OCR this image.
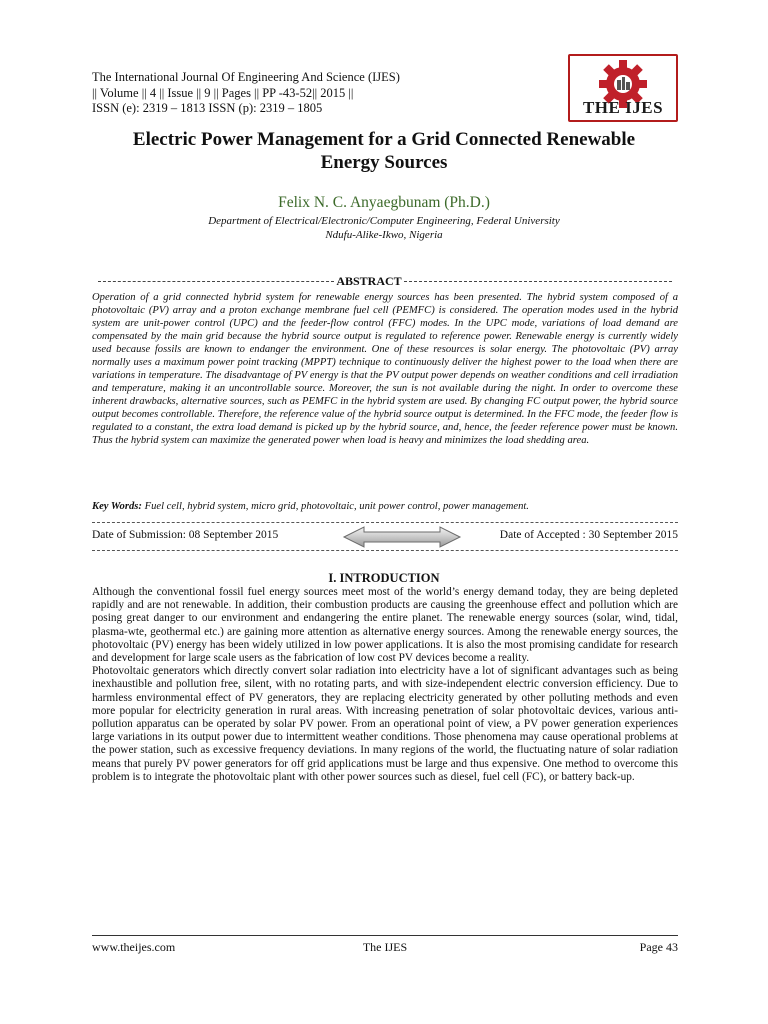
The International Journal Of Engineering And Science (IJES)
|| Volume || 4 || Issue || 9 || Pages || PP -43-52|| 2015 ||
ISSN (e): 2319 – 1813 ISSN (p): 2319 – 1805	THE IJES
Electric Power Management for a Grid Connected Renewable
Energy Sources
Felix N. C. Anyaegbunam (Ph.D.)
Department of Electrical/Electronic/Computer Engineering, Federal University
Ndufu-Alike-Ikwo, Nigeria
ABSTRACT
Operation of a grid connected hybrid system for renewable energy sources has been presented. The hybrid system composed of a photovoltaic (PV) array and a proton exchange membrane fuel cell (PEMFC) is considered. The operation modes used in the hybrid system are unit-power control (UPC) and the feeder-flow control (FFC) modes. In the UPC mode, variations of load demand are compensated by the main grid because the hybrid source output is regulated to reference power. Renewable energy is currently widely used because fossils are known to endanger the environment. One of these resources is solar energy. The photovoltaic (PV) array normally uses a maximum power point tracking (MPPT) technique to continuously deliver the highest power to the load when there are variations in temperature. The disadvantage of PV energy is that the PV output power depends on weather conditions and cell irradiation and temperature, making it an uncontrollable source. Moreover, the sun is not available during the night. In order to overcome these inherent drawbacks, alternative sources, such as PEMFC in the hybrid system are used. By changing FC output power, the hybrid source output becomes controllable. Therefore, the reference value of the hybrid source output is determined. In the FFC mode, the feeder flow is regulated to a constant, the extra load demand is picked up by the hybrid source, and, hence, the feeder reference power must be known. Thus the hybrid system can maximize the generated power when load is heavy and minimizes the load shedding area.
Key Words: Fuel cell, hybrid system, micro grid, photovoltaic, unit power control, power management.
Date of Submission: 08 September 2015	Date of Accepted : 30 September 2015
I. INTRODUCTION

Although the conventional fossil fuel energy sources meet most of the world’s energy demand today, they are being depleted rapidly and are not renewable. In addition, their combustion products are causing the greenhouse effect and pollution which are posing great danger to our environment and endangering the entire planet. The renewable energy sources (solar, wind, tidal, plasma-wte, geothermal etc.) are gaining more attention as alternative energy sources. Among the renewable energy sources, the photovoltaic (PV) energy has been widely utilized in low power applications. It is also the most promising candidate for research and development for large scale users as the fabrication of low cost PV devices become a reality.

Photovoltaic generators which directly convert solar radiation into electricity have a lot of significant advantages such as being inexhaustible and pollution free, silent, with no rotating parts, and with size-independent electric conversion efficiency. Due to harmless environmental effect of PV generators, they are replacing electricity generated by other polluting methods and even more popular for electricity generation in rural areas. With increasing penetration of solar photovoltaic devices, various anti-pollution apparatus can be operated by solar PV power. From an operational point of view, a PV power generation experiences large variations in its output power due to intermittent weather conditions. Those phenomena may cause operational problems at the power station, such as excessive frequency deviations. In many regions of the world, the fluctuating nature of solar radiation means that purely PV power generators for off grid applications must be large and thus expensive. One method to overcome this problem is to integrate the photovoltaic plant with other power sources such as diesel, fuel cell (FC), or battery back-up.

www.theijes.com	The IJES	Page 43
